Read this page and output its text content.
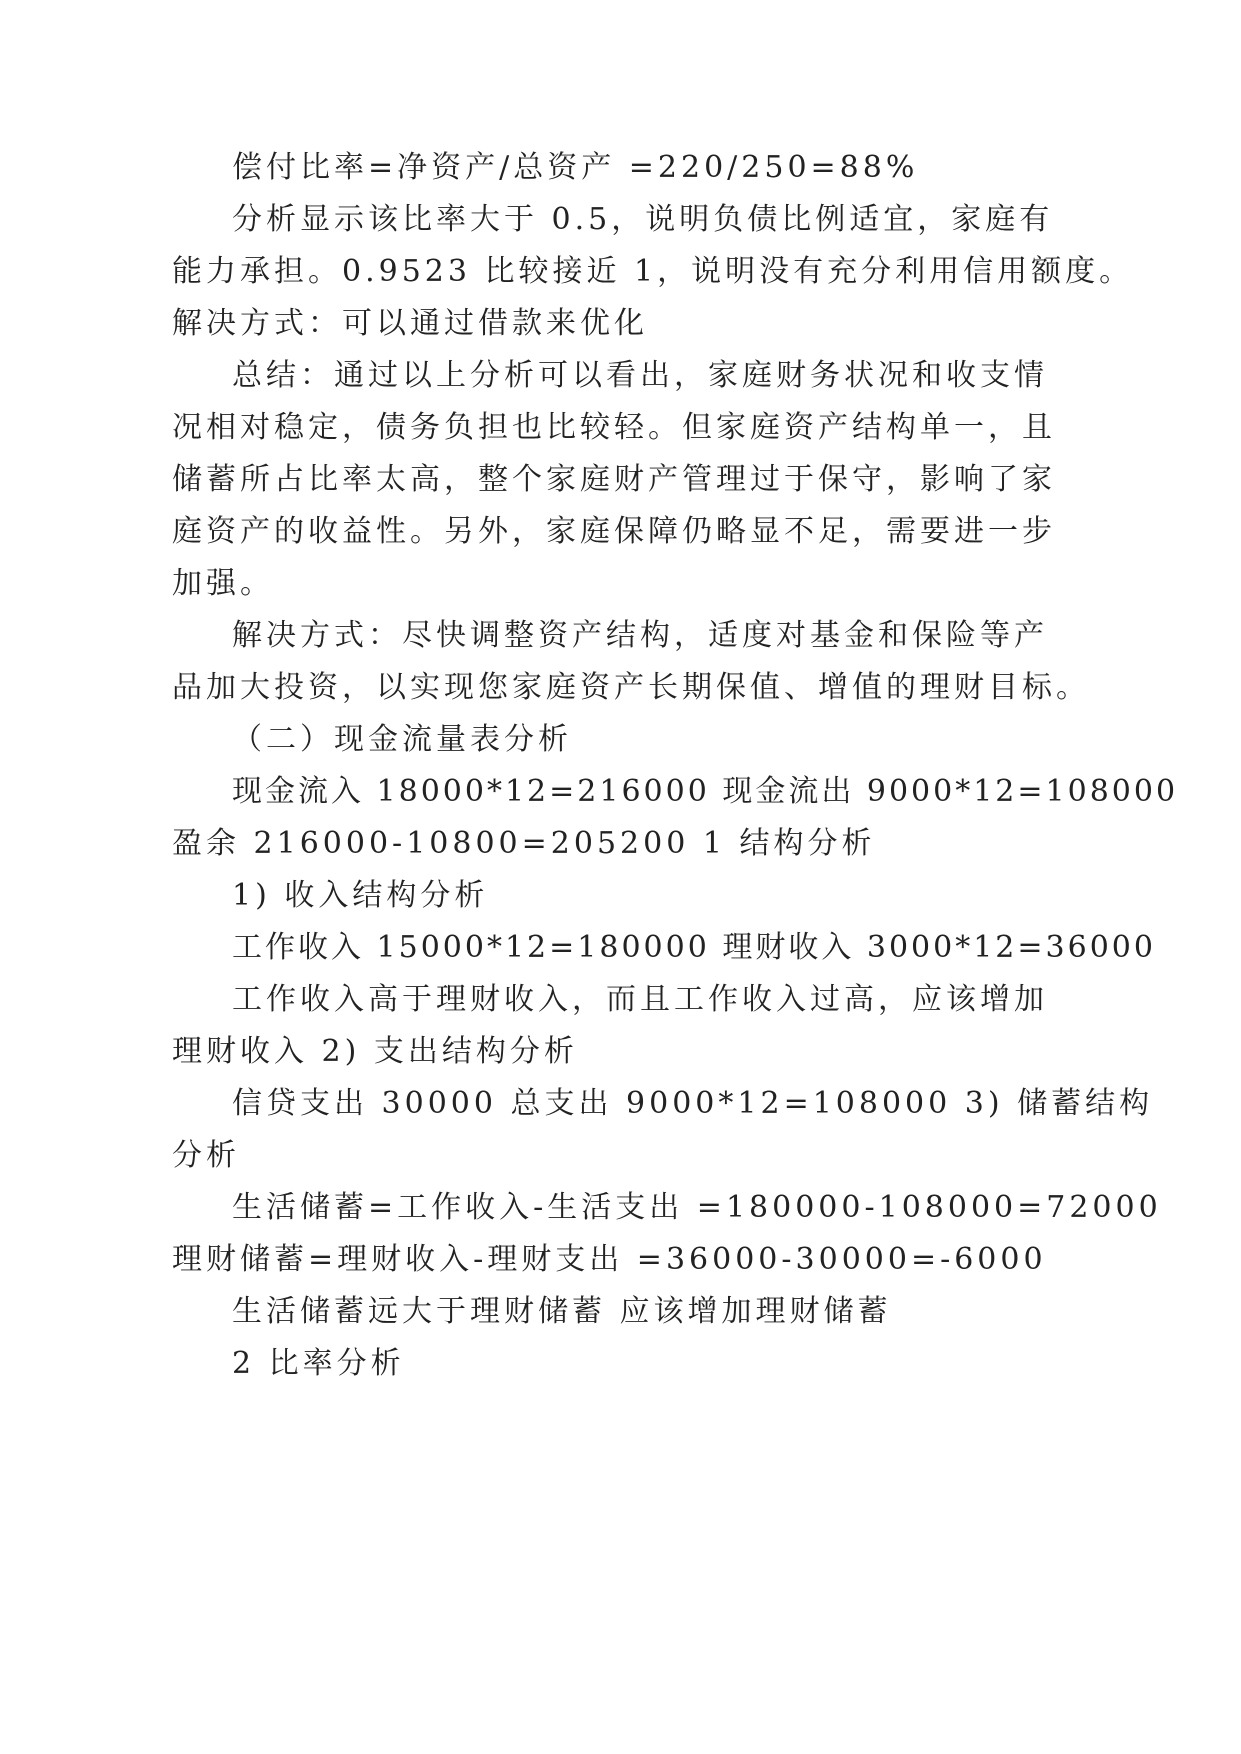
偿付比率=净资产/总资产 =220/250=88%
分析显示该比率大于 0.5，说明负债比例适宜，家庭有
能力承担。0.9523 比较接近 1，说明没有充分利用信用额度。
解决方式：可以通过借款来优化
总结：通过以上分析可以看出，家庭财务状况和收支情
况相对稳定，债务负担也比较轻。但家庭资产结构单一，且
储蓄所占比率太高，整个家庭财产管理过于保守，影响了家
庭资产的收益性。另外，家庭保障仍略显不足，需要进一步
加强。
解决方式：尽快调整资产结构，适度对基金和保险等产
品加大投资，以实现您家庭资产长期保值、增值的理财目标。
（二）现金流量表分析
现金流入 18000*12=216000 现金流出 9000*12=108000
盈余 216000-10800=205200 1 结构分析
1) 收入结构分析
工作收入 15000*12=180000 理财收入 3000*12=36000
工作收入高于理财收入，而且工作收入过高，应该增加
理财收入 2) 支出结构分析
信贷支出 30000 总支出 9000*12=108000 3) 储蓄结构
分析
生活储蓄=工作收入-生活支出 =180000-108000=72000
理财储蓄=理财收入-理财支出 =36000-30000=-6000
生活储蓄远大于理财储蓄 应该增加理财储蓄
2 比率分析
